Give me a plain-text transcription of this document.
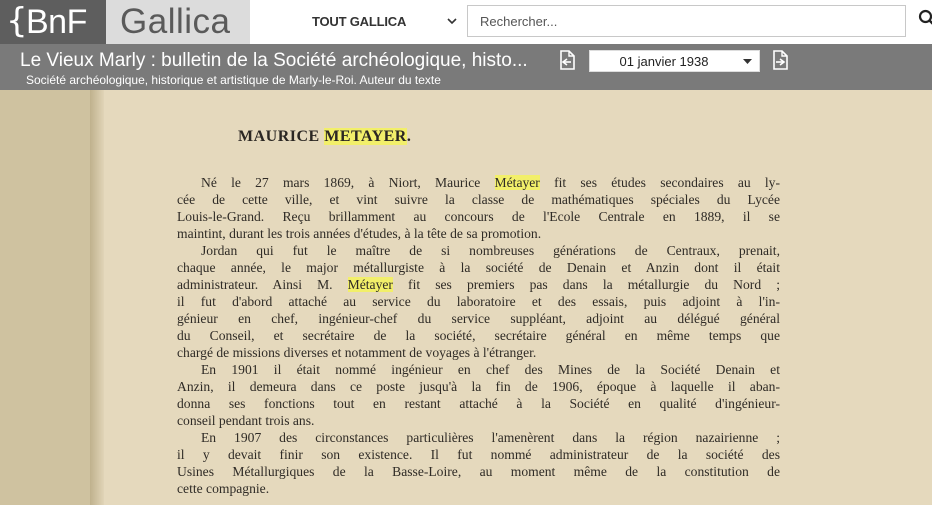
{
BnF Gallica	TOUT GALLICA
Rechercher...
Le Vieux Marly : bulletin de la Société archéologique, histo...
Société archéologique, historique et artistique de Marly-le-Roi. Auteur du texte
01 janvier 1938
MAURICE METAYER.
Né le 27 mars 1869, à Niort, Maurice Métayer fit ses études secondaires au ly-
cée de cette ville, et vint suivre la classe de mathématiques spéciales du Lycée
Louis-le-Grand. Reçu brillamment au concours de l'Ecole Centrale en 1889, il se
maintint, durant les trois années d'études, à la tête de sa promotion.
Jordan qui fut le maître de si nombreuses générations de Centraux, prenait,
chaque année, le major métallurgiste à la société de Denain et Anzin dont il était
administrateur. Ainsi M. Métayer fit ses premiers pas dans la métallurgie du Nord ;
il fut d'abord attaché au service du laboratoire et des essais, puis adjoint à l'in-
génieur en chef, ingénieur-chef du service suppléant, adjoint au délégué général
du Conseil, et secrétaire de la société, secrétaire général en même temps que
chargé de missions diverses et notamment de voyages à l'étranger.
En 1901 il était nommé ingénieur en chef des Mines de la Société Denain et
Anzin, il demeura dans ce poste jusqu'à la fin de 1906, époque à laquelle il aban-
donna ses fonctions tout en restant attaché à la Société en qualité d'ingénieur-
conseil pendant trois ans.
En 1907 des circonstances particulières l'amenèrent dans la région nazairienne ;
il y devait finir son existence. Il fut nommé administrateur de la société des
Usines Métallurgiques de la Basse-Loire, au moment même de la constitution de
cette compagnie.
